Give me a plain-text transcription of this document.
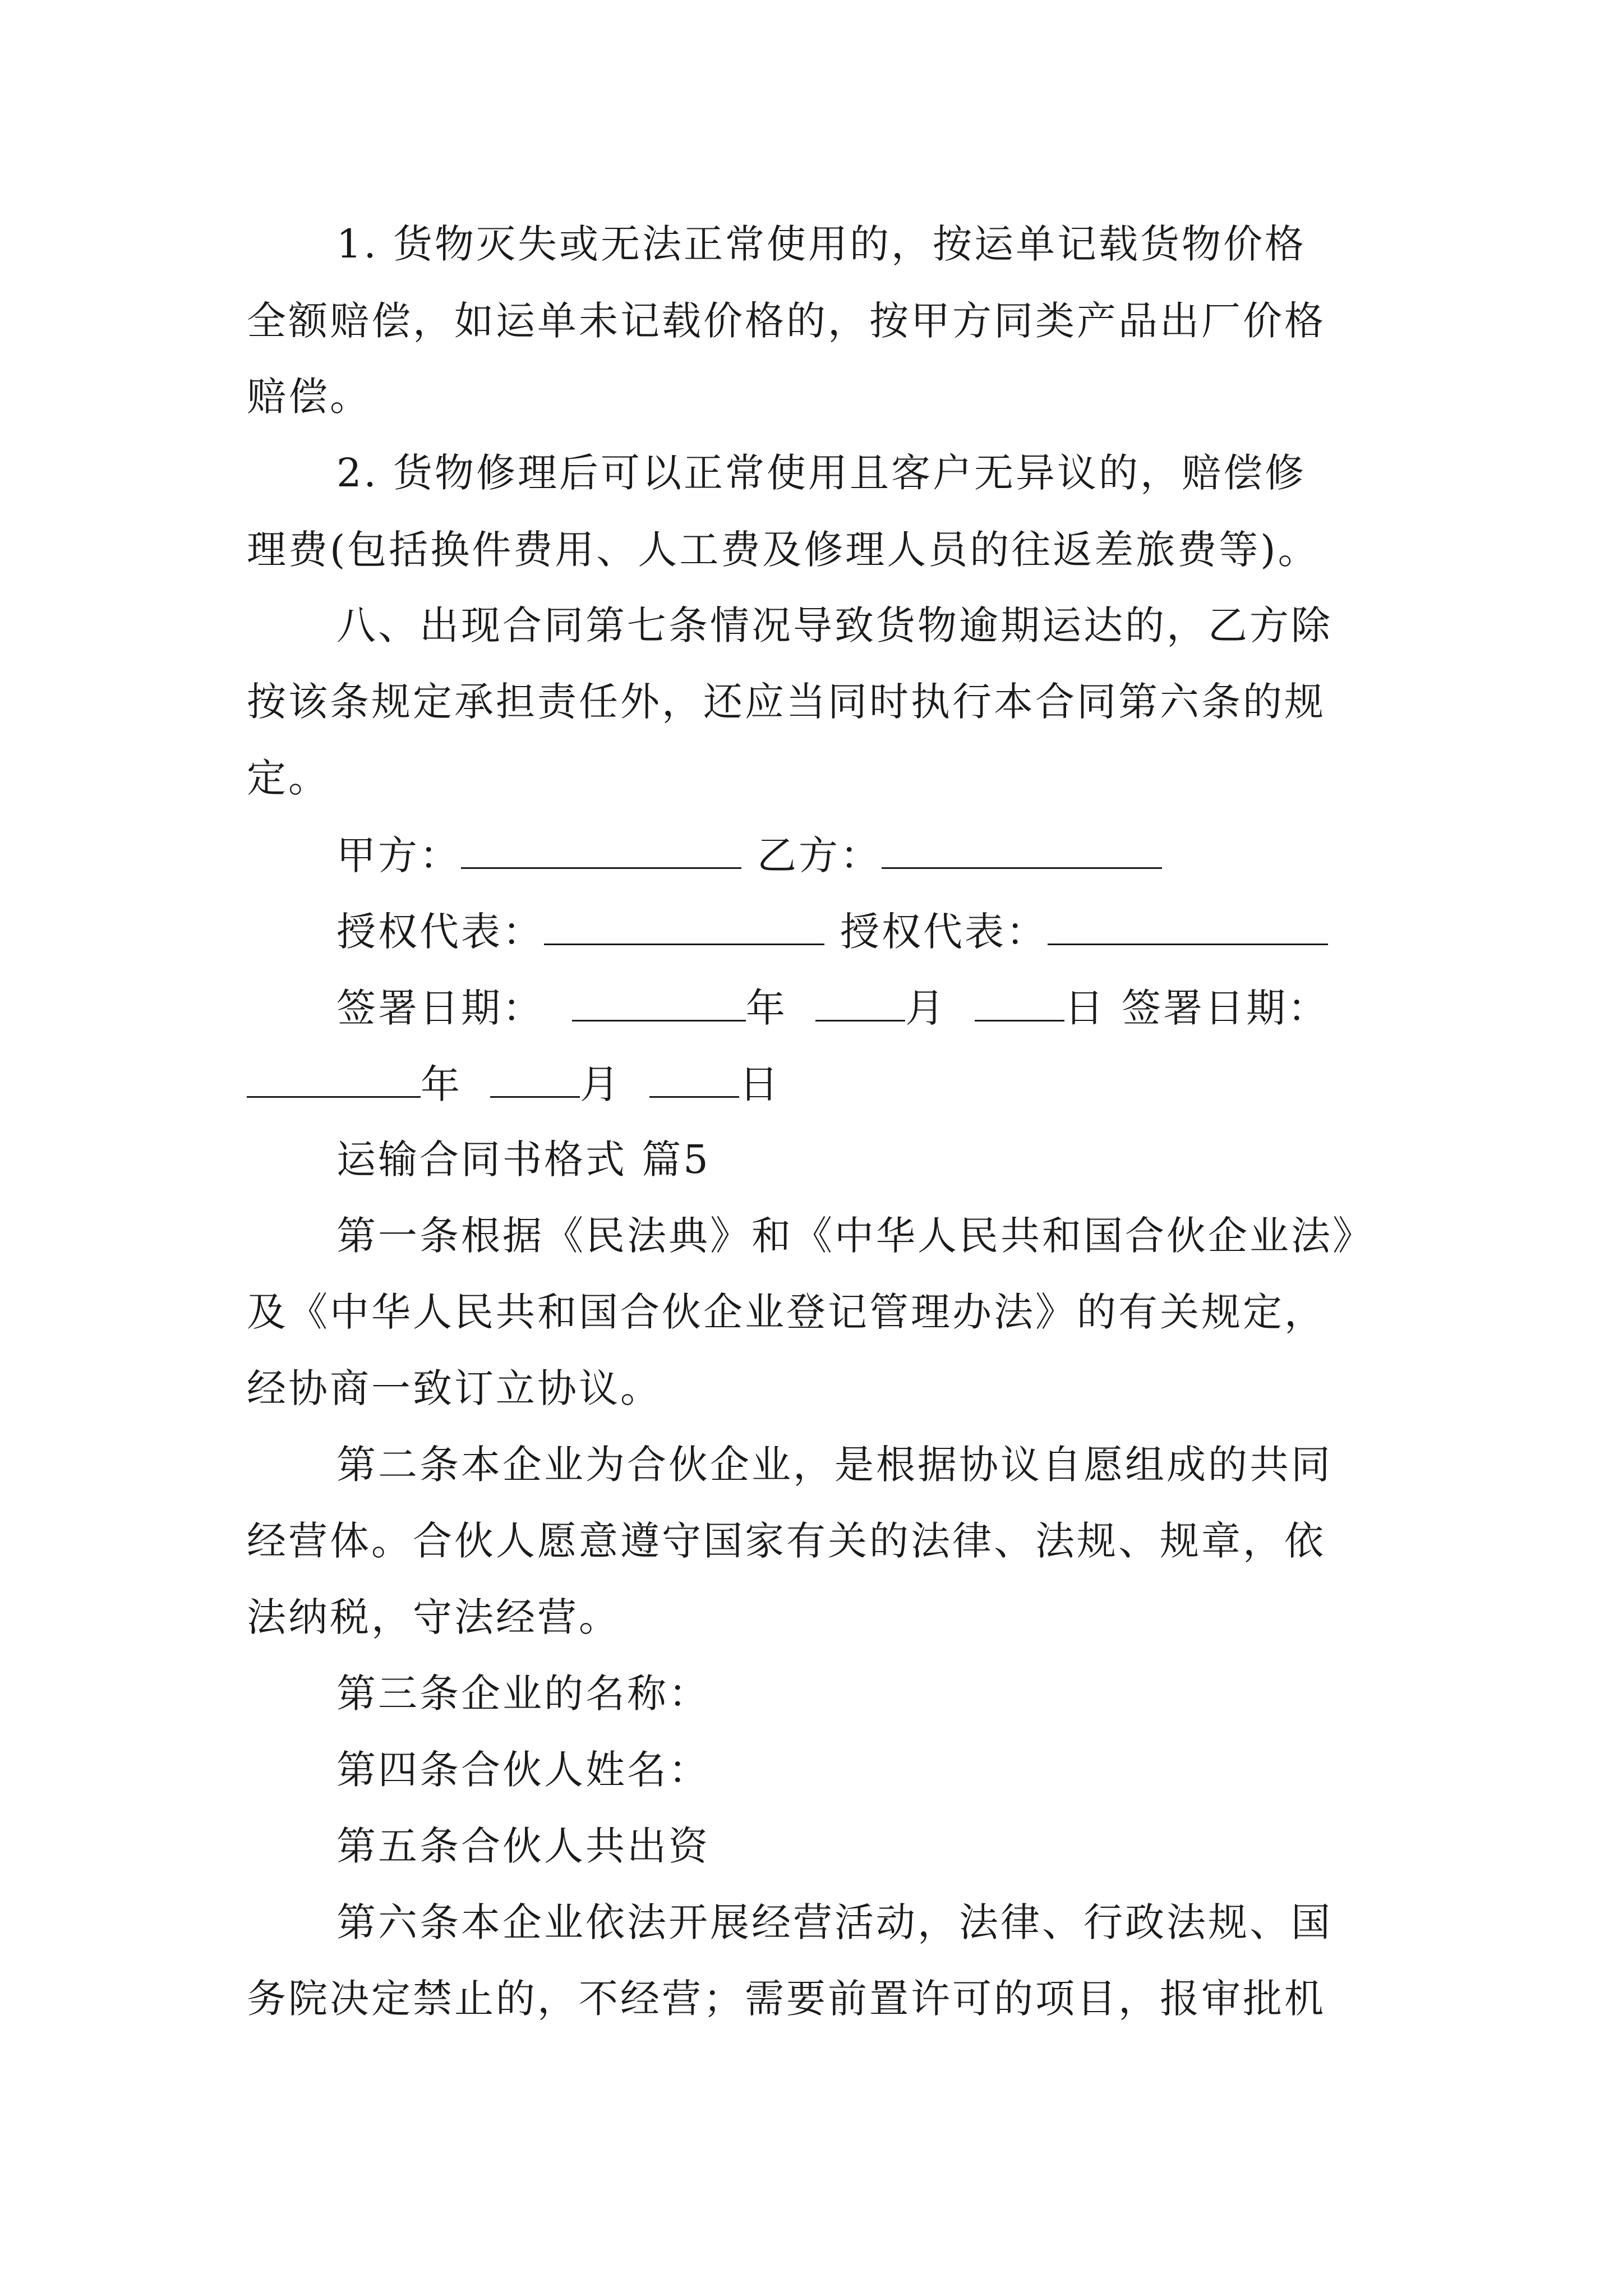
1. 货物灭失或无法正常使用的，按运单记载货物价格
全额赔偿，如运单未记载价格的，按甲方同类产品出厂价格
赔偿。
2. 货物修理后可以正常使用且客户无异议的，赔偿修
理费(包括换件费用、人工费及修理人员的往返差旅费等)。
八、出现合同第七条情况导致货物逾期运达的，乙方除
按该条规定承担责任外，还应当同时执行本合同第六条的规
定。
甲方：	乙方：
授权代表：	授权代表：
签署日期：	年	月	日 签署日期：
年	月	日
运输合同书格式 篇5
第一条根据《民法典》和《中华人民共和国合伙企业法》
及《中华人民共和国合伙企业登记管理办法》的有关规定，
经协商一致订立协议。
第二条本企业为合伙企业，是根据协议自愿组成的共同
经营体。合伙人愿意遵守国家有关的法律、法规、规章，依
法纳税，守法经营。
第三条企业的名称：
第四条合伙人姓名：
第五条合伙人共出资
第六条本企业依法开展经营活动，法律、行政法规、国
务院决定禁止的，不经营；需要前置许可的项目，报审批机
